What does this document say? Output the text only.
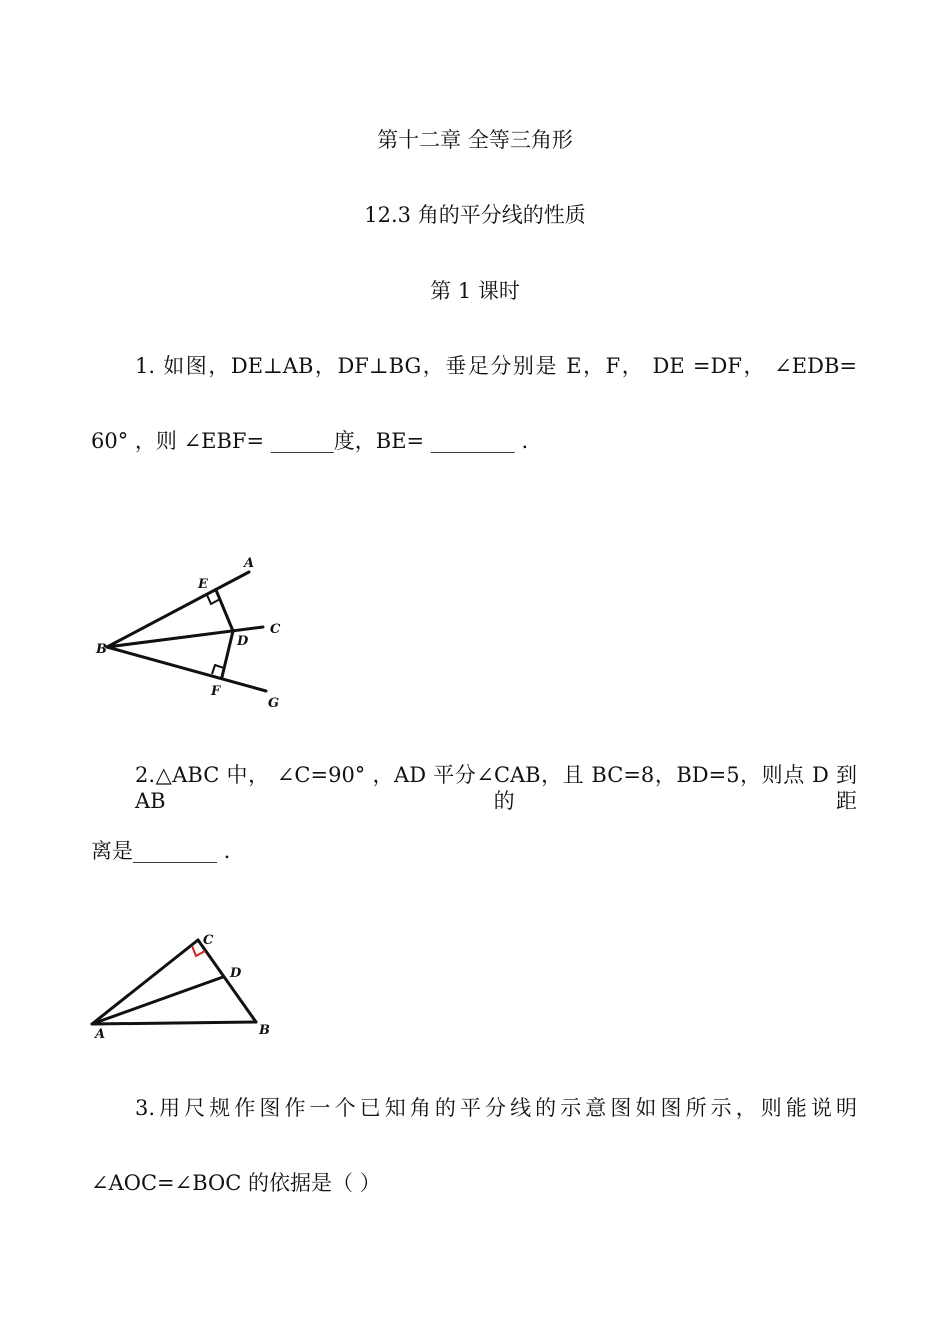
第十二章 全等三角形
12.3 角的平分线的性质
第 1 课时
1. 如图，DE⊥AB，DF⊥BG，垂足分别是 E，F， DE =DF， ∠EDB=
60° ，则 ∠EBF= ______度，BE= ________ .
A
B
C
D
E
F
G
2.△ABC 中， ∠C=90° ，AD 平分∠CAB，且 BC=8，BD=5，则点 D 到 AB 的距
离是________ .
C
D
A	B
3.用尺规作图作一个已知角的平分线的示意图如图所示，则能说明
∠AOC=∠BOC 的依据是（ ）
